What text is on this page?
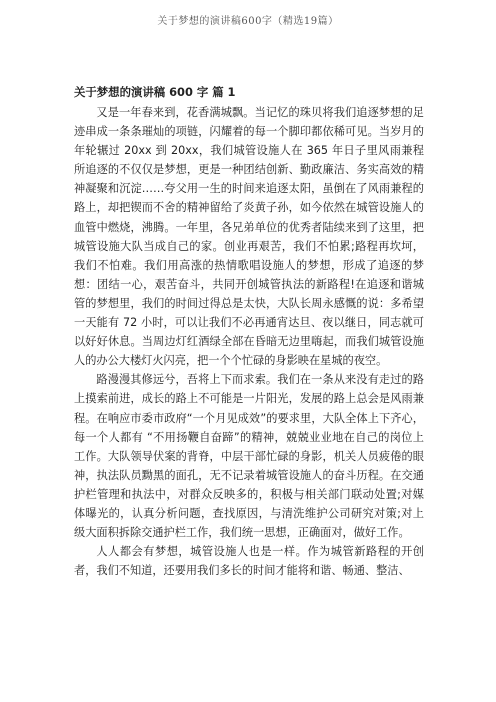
关于梦想的演讲稿600字（精选19篇）
关于梦想的演讲稿 600 字 篇 1

又是一年春来到，花香满城飘。当记忆的珠贝将我们追逐梦想的足迹串成一条条璀灿的项链，闪耀着的每一个脚印都依稀可见。当岁月的年轮辗过 20xx 到 20xx，我们城管设施人在 365 年日子里风雨兼程所追逐的不仅仅是梦想，更是一种团结创新、勤政廉洁、务实高效的精神凝聚和沉淀……夸父用一生的时间来追逐太阳，虽倒在了风雨兼程的路上，却把锲而不舍的精神留给了炎黄子孙，如今依然在城管设施人的血管中燃烧，沸腾。一年里，各兄弟单位的优秀者陆续来到了这里，把城管设施大队当成自己的家。创业再艰苦，我们不怕累;路程再坎坷，我们不怕难。我们用高涨的热情歌唱设施人的梦想，形成了追逐的梦想：团结一心，艰苦奋斗，共同开创城管执法的新路程!在追逐和谐城管的梦想里，我们的时间过得总是太快，大队长周永感慨的说：多希望一天能有 72 小时，可以让我们不必再通宵达旦、夜以继日，同志就可以好好休息。当周边灯红酒绿全部在昏暗无边里嗨起，而我们城管设施人的办公大楼灯火闪亮，把一个个忙碌的身影映在星城的夜空。

路漫漫其修远兮，吾将上下而求索。我们在一条从来没有走过的路上摸索前进，成长的路上不可能是一片阳光，发展的路上总会是风雨兼程。在响应市委市政府“一个月见成效”的要求里，大队全体上下齐心，每一个人都有 “不用扬鞭自奋蹄”的精神，兢兢业业地在自己的岗位上工作。大队领导伏案的背脊，中层干部忙碌的身影，机关人员疲倦的眼神，执法队员黝黑的面孔，无不记录着城管设施人的奋斗历程。在交通护栏管理和执法中，对群众反映多的，积极与相关部门联动处置;对媒体曝光的，认真分析问题，查找原因，与清洗维护公司研究对策;对上级大面积拆除交通护栏工作，我们统一思想，正确面对，做好工作。

人人都会有梦想，城管设施人也是一样。作为城管新路程的开创者，我们不知道，还要用我们多长的时间才能将和谐、畅通、整洁、
